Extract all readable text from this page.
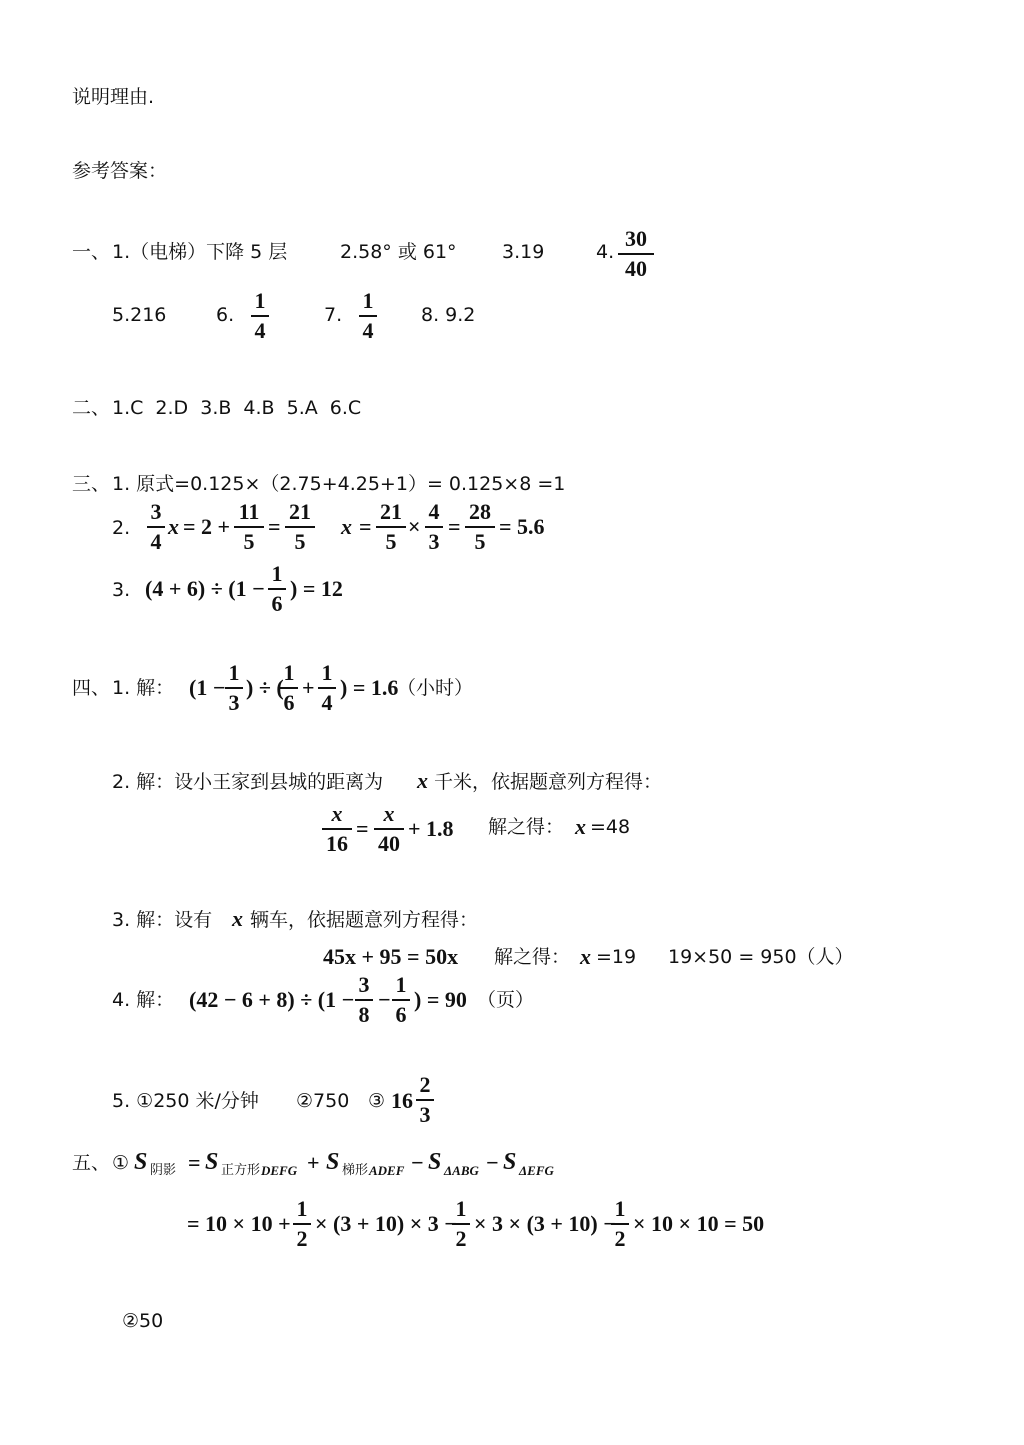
说明理由.
参考答案：
一、 1.（电梯）下降 5 层	2.58° 或 61° 3.19	4.
30
40
5.216	6.
1
4
7.
1
4
8. 9.2
二、 1.C 2.D 3.B 4.B 5.A 6.C
三、 1. 原式=0.125×（2.75+4.25+1）= 0.125×8 =1
2.
3
4
x = 2 +
11
5
=
21
5
x =
21
5
×
4
3
=
28
5
= 5.6
3. (4 + 6) ÷ (1 −
1
6
) = 12
四、 1. 解： (1 −
1
3
) ÷ (
1
6
+
1
4
) = 1.6
（小时）
2. 解：设小王家到县城的距离为 x 千米，依据题意列方程得：
x
16
=
x
40
+ 1.8 解之得： x =48
3. 解：设有 x 辆车，依据题意列方程得：
45x + 95 = 50x 解之得： x =19 19×50 = 950（人）
4. 解： (42 − 6 + 8) ÷ (1 −
3
8
−
1
6
) = 90 （页）
5. ①250 米/分钟 ②750 ③ 16
2
3
五、 ① S 阴影 = S 正方形 DEFG + S 梯形 ADEF − S ΔABG − S ΔEFG
= 10 × 10 +
1
2
× (3 + 10) × 3 −
1
2
× 3 × (3 + 10) −
1
2
× 10 × 10 = 50
②50
